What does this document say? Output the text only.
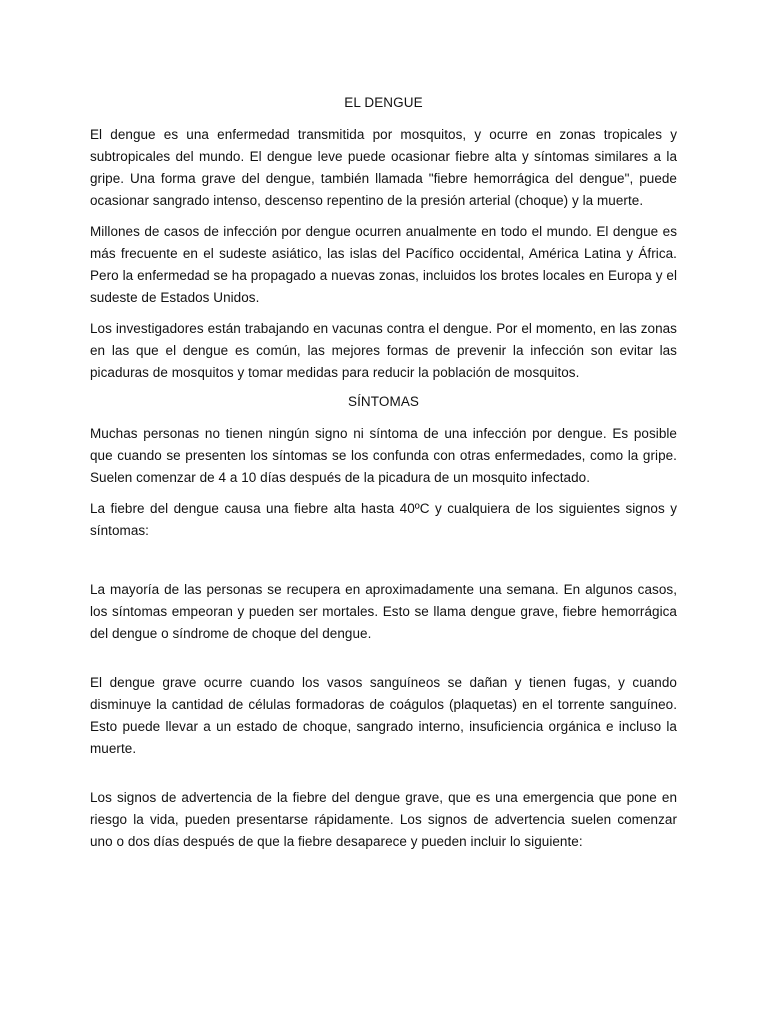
EL DENGUE

El dengue es una enfermedad transmitida por mosquitos, y ocurre en zonas tropicales y subtropicales del mundo. El dengue leve puede ocasionar fiebre alta y síntomas similares a la gripe. Una forma grave del dengue, también llamada "fiebre hemorrágica del dengue", puede ocasionar sangrado intenso, descenso repentino de la presión arterial (choque) y la muerte.

Millones de casos de infección por dengue ocurren anualmente en todo el mundo. El dengue es más frecuente en el sudeste asiático, las islas del Pacífico occidental, América Latina y África. Pero la enfermedad se ha propagado a nuevas zonas, incluidos los brotes locales en Europa y el sudeste de Estados Unidos.

Los investigadores están trabajando en vacunas contra el dengue. Por el momento, en las zonas en las que el dengue es común, las mejores formas de prevenir la infección son evitar las picaduras de mosquitos y tomar medidas para reducir la población de mosquitos.

SÍNTOMAS

Muchas personas no tienen ningún signo ni síntoma de una infección por dengue. Es posible que cuando se presenten los síntomas se los confunda con otras enfermedades, como la gripe. Suelen comenzar de 4 a 10 días después de la picadura de un mosquito infectado.

La fiebre del dengue causa una fiebre alta hasta 40ºC y cualquiera de los siguientes signos y síntomas:

La mayoría de las personas se recupera en aproximadamente una semana. En algunos casos, los síntomas empeoran y pueden ser mortales. Esto se llama dengue grave, fiebre hemorrágica del dengue o síndrome de choque del dengue.

El dengue grave ocurre cuando los vasos sanguíneos se dañan y tienen fugas, y cuando disminuye la cantidad de células formadoras de coágulos (plaquetas) en el torrente sanguíneo. Esto puede llevar a un estado de choque, sangrado interno, insuficiencia orgánica e incluso la muerte.

Los signos de advertencia de la fiebre del dengue grave, que es una emergencia que pone en riesgo la vida, pueden presentarse rápidamente. Los signos de advertencia suelen comenzar uno o dos días después de que la fiebre desaparece y pueden incluir lo siguiente:
